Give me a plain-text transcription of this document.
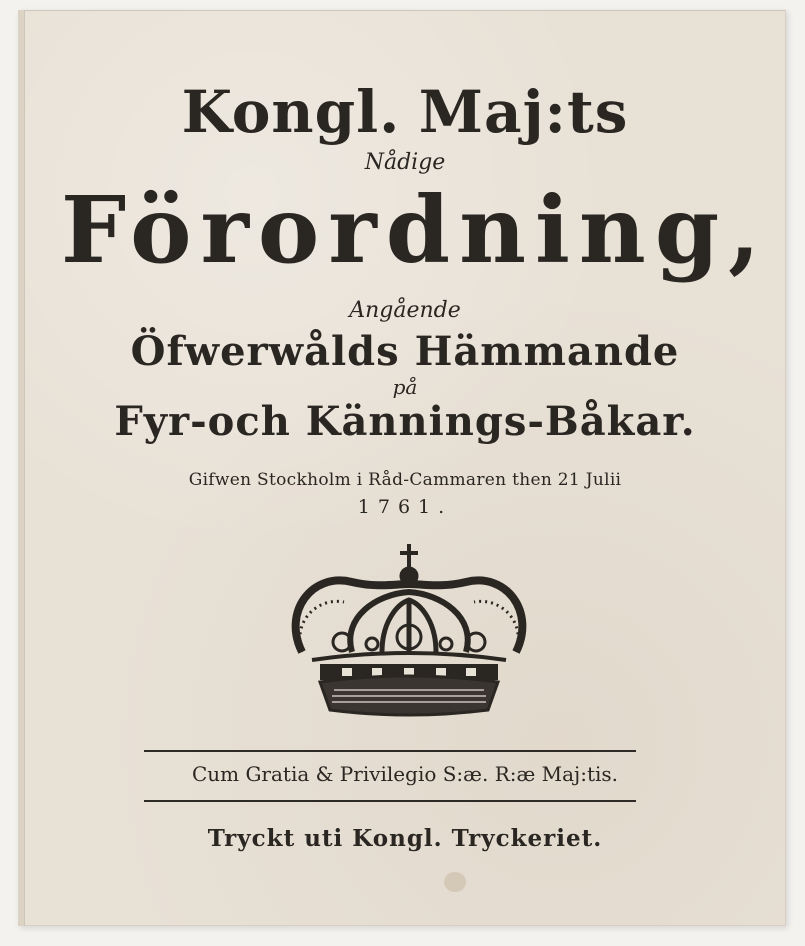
Kongl. Maj:ts
Nådige
Förordning,
Angående
Öfwerwålds Hämmande
på
Fyr-och Kännings-Båkar.
Gifwen Stockholm i Råd-Cammaren then 21 Julii
1761.
Cum Gratia & Privilegio S:æ. R:æ Maj:tis.
Tryckt uti Kongl. Tryckeriet.
